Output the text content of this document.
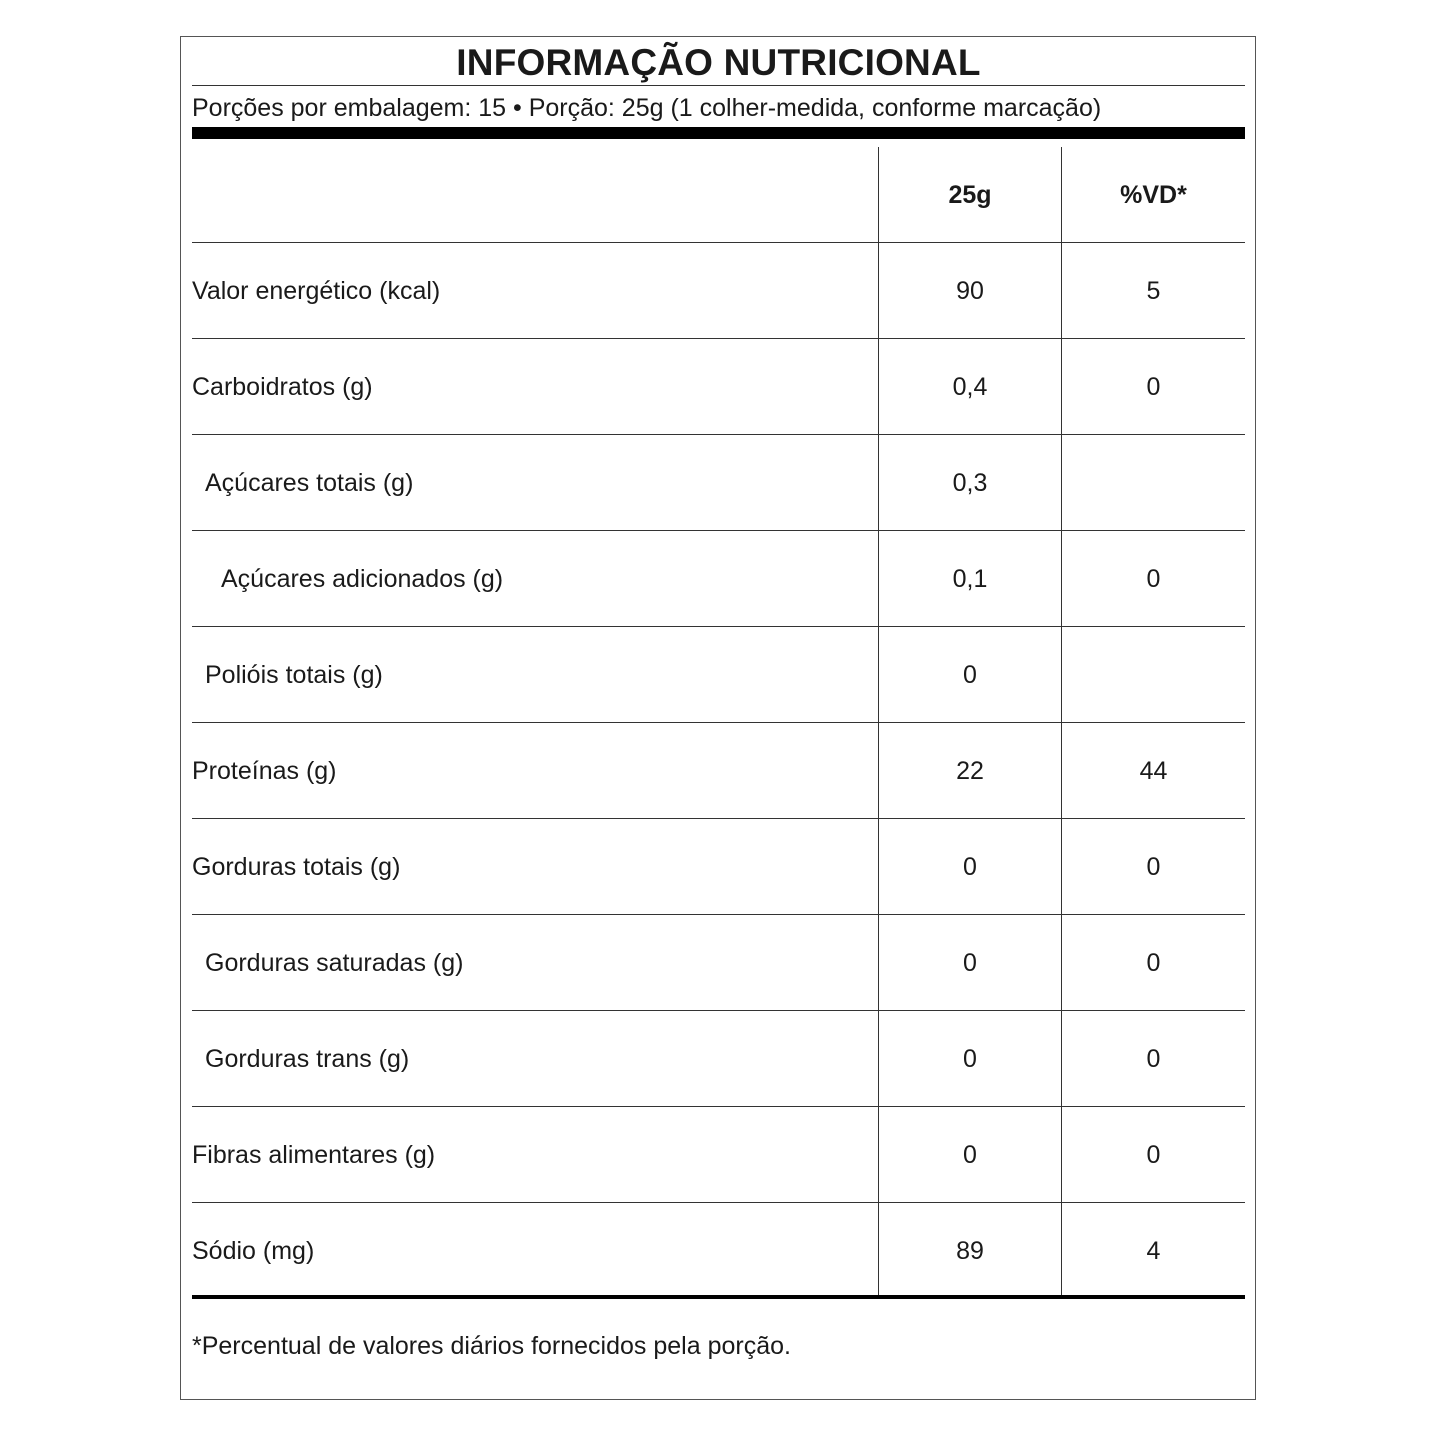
INFORMAÇÃO NUTRICIONAL
Porções por embalagem: 15 • Porção: 25g (1 colher-medida, conforme marcação)
25g	%VD*
Valor energético (kcal)	90	5
Carboidratos (g)	0,4	0
Açúcares totais (g)	0,3
Açúcares adicionados (g)	0,1	0
Polióis totais (g)	0
Proteínas (g)	22	44
Gorduras totais (g)	0	0
Gorduras saturadas (g)	0	0
Gorduras trans (g)	0	0
Fibras alimentares (g)	0	0
Sódio (mg)	89	4
*Percentual de valores diários fornecidos pela porção.
